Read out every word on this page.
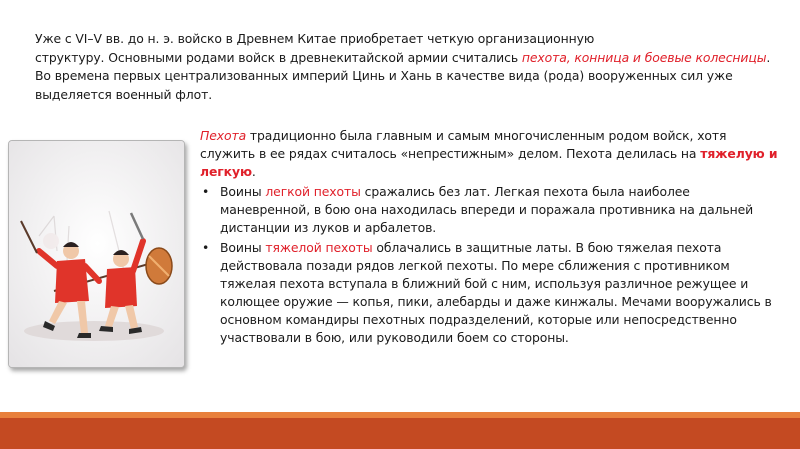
Уже с VI–V вв. до н. э. войско в Древнем Китае приобретает четкую организационную
структуру. Основными родами войск в древнекитайской армии считались пехота, конница и боевые колесницы. Во времена первых централизованных империй Цинь и Хань в качестве вида (рода) вооруженных сил уже выделяется военный флот.

Пехота традиционно была главным и самым многочисленным родом войск, хотя служить в ее рядах считалось «непрестижным» делом. Пехота делилась на тяжелую и легкую.

• Воины легкой пехоты сражались без лат. Легкая пехота была наиболее маневренной, в бою она находилась впереди и поражала противника на дальней дистанции из луков и арбалетов.
• Воины тяжелой пехоты облачались в защитные латы. В бою тяжелая пехота действовала позади рядов легкой пехоты. По мере сближения с противником тяжелая пехота вступала в ближний бой с ним, используя различное режущее и колющее оружие — копья, пики, алебарды и даже кинжалы. Мечами вооружались в основном командиры пехотных подразделений, которые или непосредственно участвовали в бою, или руководили боем со стороны.
